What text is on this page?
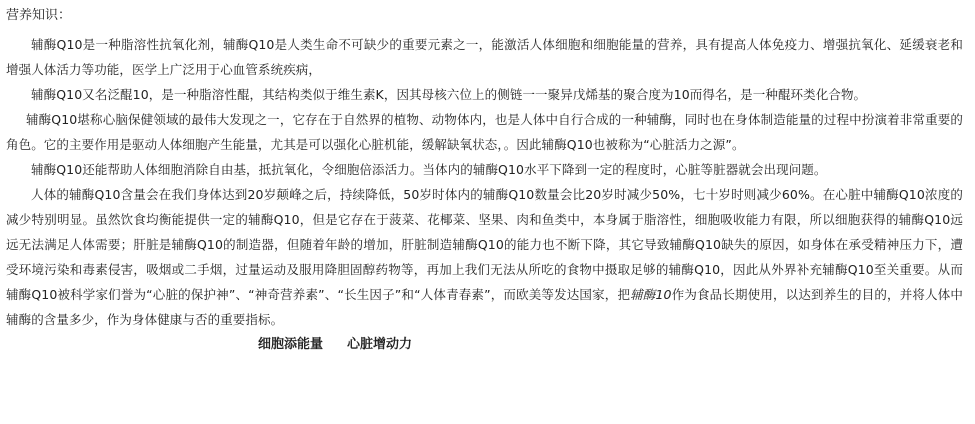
营养知识：

辅酶Q10是一种脂溶性抗氧化剂，辅酶Q10是人类生命不可缺少的重要元素之一，能激活人体细胞和细胞能量的营养，具有提高人体免疫力、增强抗氧化、延缓衰老和增强人体活力等功能，医学上广泛用于心血管系统疾病，

辅酶Q10又名泛醌10，是一种脂溶性醌，其结构类似于维生素K，因其母核六位上的侧链一一聚异戊烯基的聚合度为10而得名，是一种醌环类化合物。

辅酶Q10堪称心脑保健领域的最伟大发现之一，它存在于自然界的植物、动物体内，也是人体中自行合成的一种辅酶，同时也在身体制造能量的过程中扮演着非常重要的角色。它的主要作用是驱动人体细胞产生能量，尤其是可以强化心脏机能，缓解缺氧状态，。因此辅酶Q10也被称为“心脏活力之源”。

辅酶Q10还能帮助人体细胞消除自由基，抵抗氧化，令细胞倍添活力。当体内的辅酶Q10水平下降到一定的程度时，心脏等脏器就会出现问题。

人体的辅酶Q10含量会在我们身体达到20岁颠峰之后，持续降低，50岁时体内的辅酶Q10数量会比20岁时减少50%，七十岁时则减少60%。在心脏中辅酶Q10浓度的减少特别明显。虽然饮食均衡能提供一定的辅酶Q10，但是它存在于菠菜、花椰菜、坚果、肉和鱼类中，本身属于脂溶性，细胞吸收能力有限，所以细胞获得的辅酶Q10远远无法满足人体需要；肝脏是辅酶Q10的制造器，但随着年龄的增加，肝脏制造辅酶Q10的能力也不断下降，其它导致辅酶Q10缺失的原因，如身体在承受精神压力下，遭受环境污染和毒素侵害，吸烟或二手烟，过量运动及服用降胆固醇药物等，再加上我们无法从所吃的食物中摄取足够的辅酶Q10，因此从外界补充辅酶Q10至关重要。从而辅酶Q10被科学家们誉为“心脏的保护神”、“神奇营养素”、“长生因子”和“人体青春素”，而欧美等发达国家，把辅酶10作为食品长期使用，以达到养生的目的，并将人体中辅酶的含量多少，作为身体健康与否的重要指标。

细胞添能量 心脏增动力
